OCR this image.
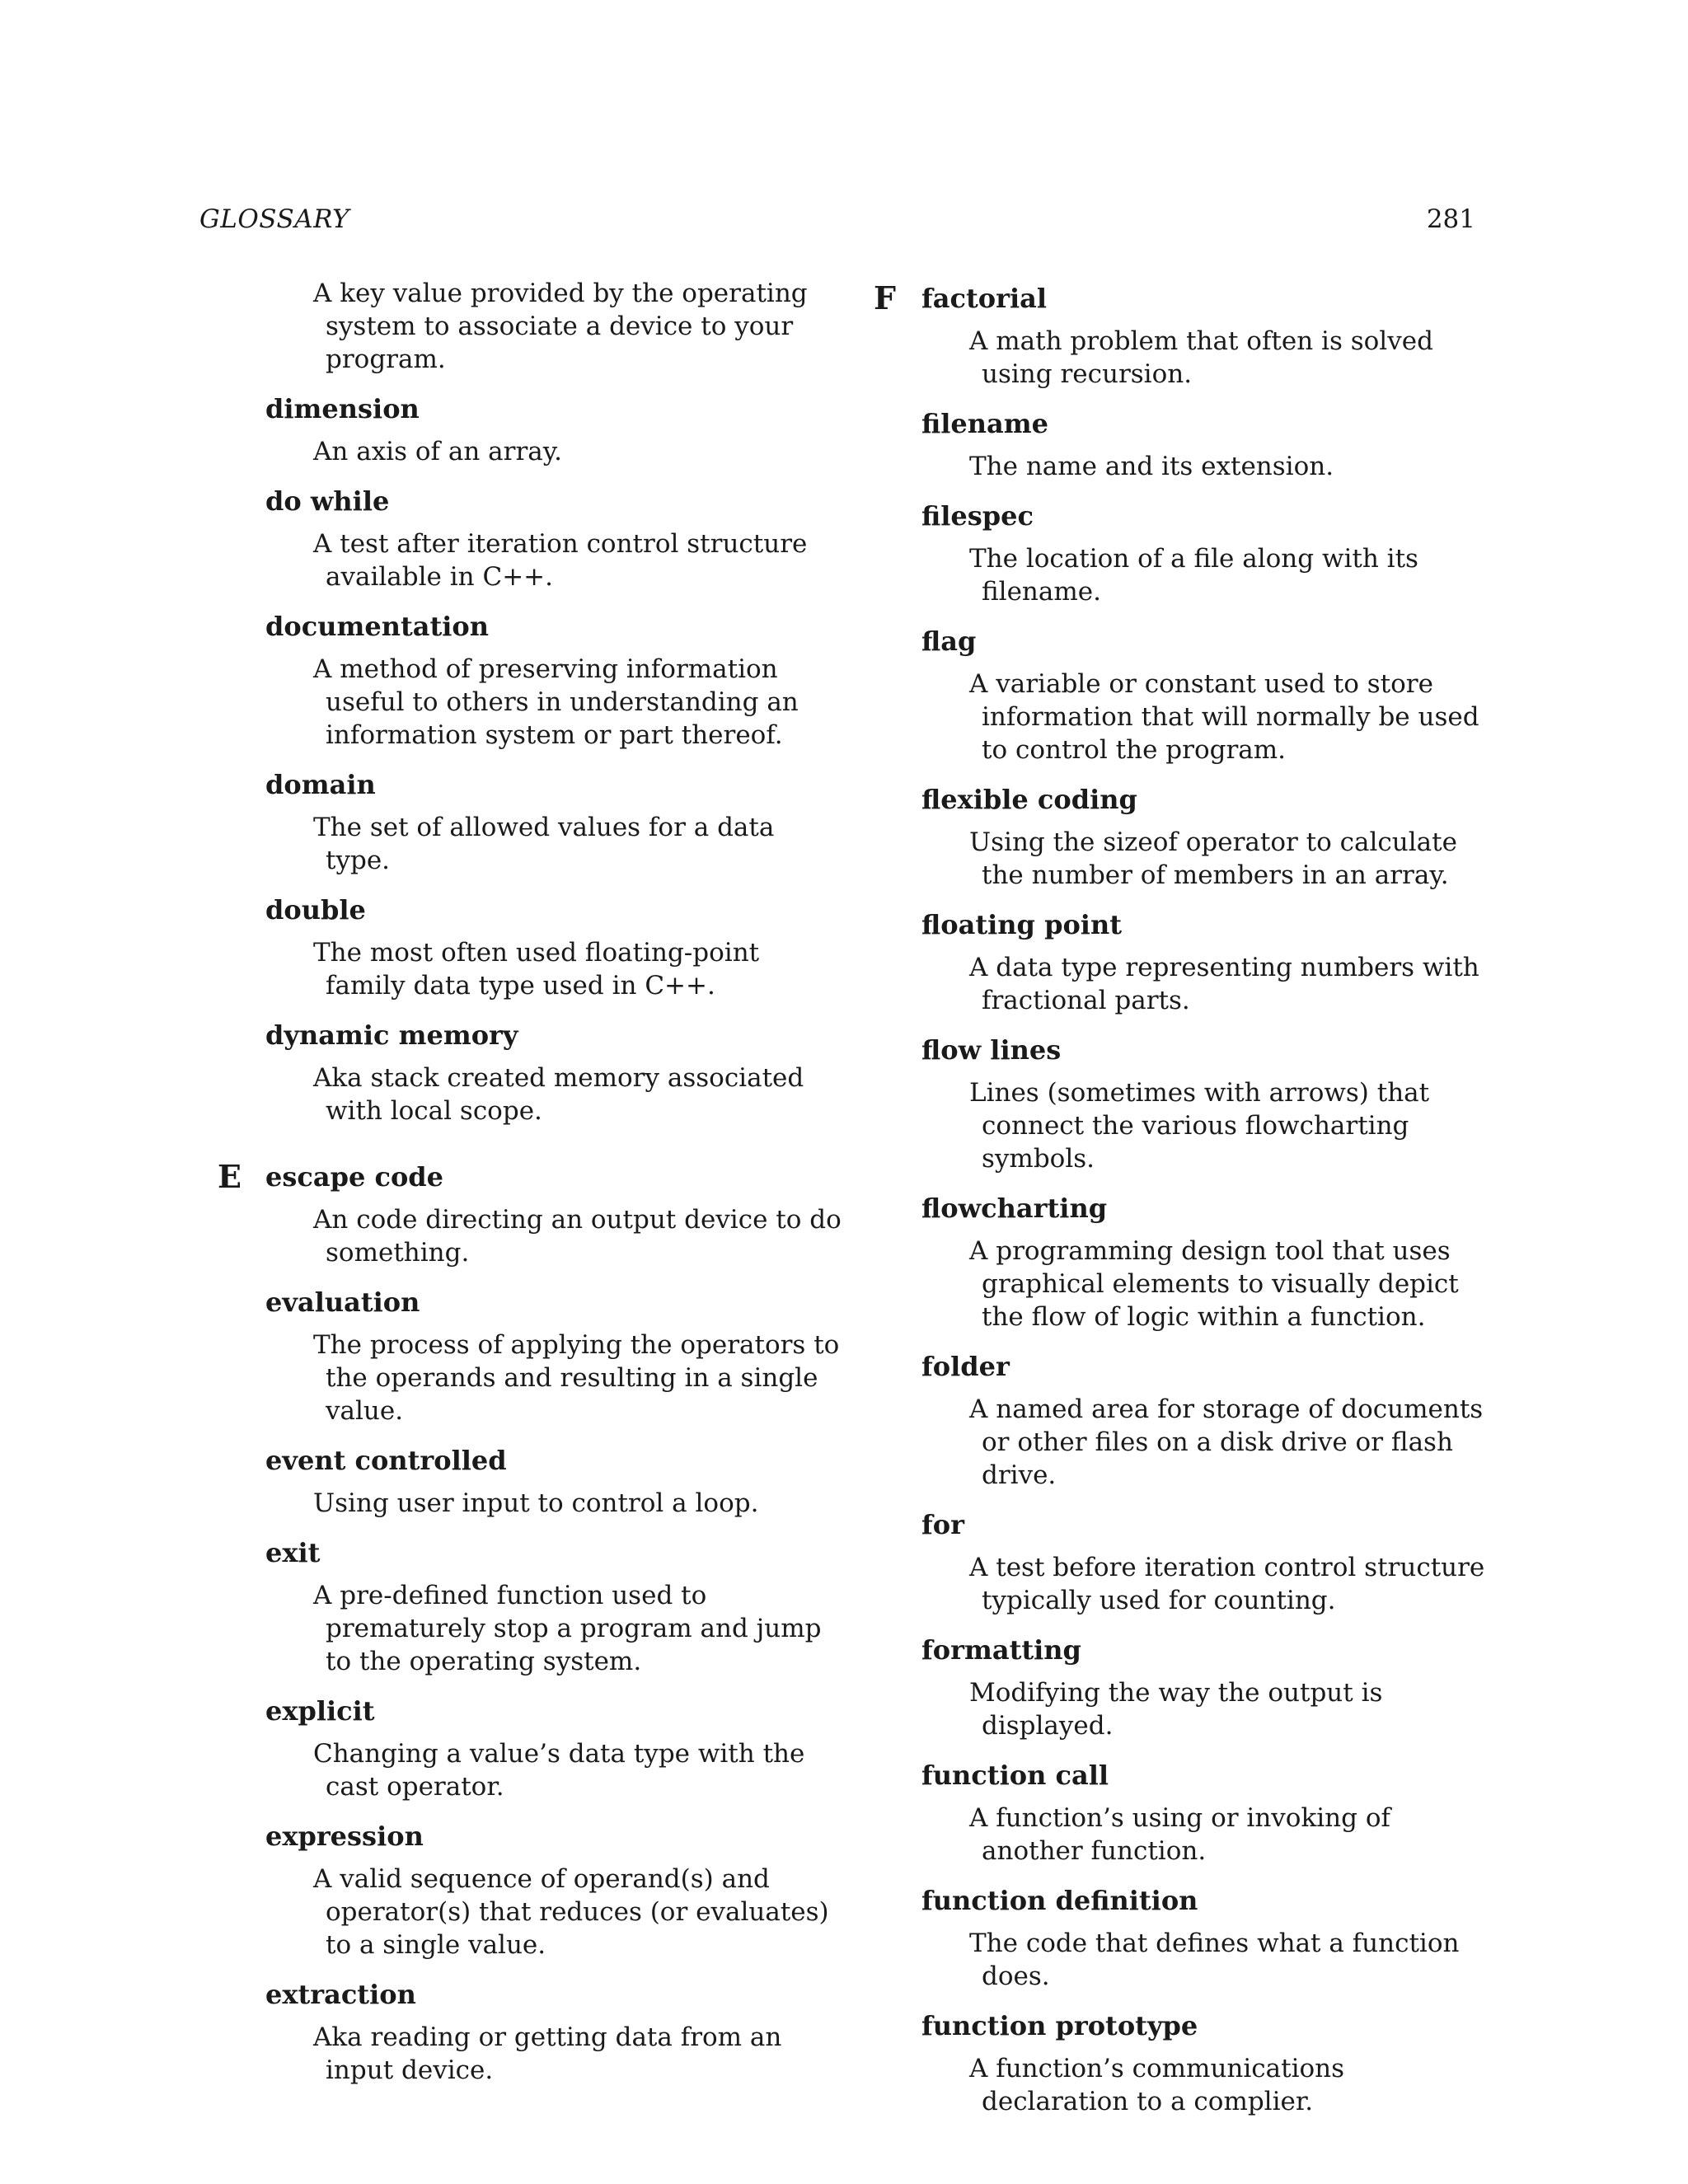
GLOSSARY	281

A key value provided by the operating system to associate a device to your program.

dimension

An axis of an array.

do while

A test after iteration control structure available in C++.

documentation

A method of preserving information useful to others in understanding an information system or part thereof.

domain

The set of allowed values for a data type.

double

The most often used floating-point family data type used in C++.

dynamic memory

Aka stack created memory associated with local scope.

E escape code

An code directing an output device to do something.

evaluation

The process of applying the operators to the operands and resulting in a single value.

event controlled

Using user input to control a loop.

exit

A pre-defined function used to prematurely stop a program and jump to the operating system.

explicit

Changing a value’s data type with the cast operator.

expression

A valid sequence of operand(s) and operator(s) that reduces (or evaluates) to a single value.

extraction

Aka reading or getting data from an input device.

F factorial

A math problem that often is solved using recursion.

filename

The name and its extension.

filespec

The location of a file along with its filename.

flag

A variable or constant used to store information that will normally be used to control the program.

flexible coding

Using the sizeof operator to calculate the number of members in an array.

floating point

A data type representing numbers with fractional parts.

flow lines

Lines (sometimes with arrows) that connect the various flowcharting symbols.

flowcharting

A programming design tool that uses graphical elements to visually depict the flow of logic within a function.

folder

A named area for storage of documents or other files on a disk drive or flash drive.

for

A test before iteration control structure typically used for counting.

formatting

Modifying the way the output is displayed.

function call

A function’s using or invoking of another function.

function definition

The code that defines what a function does.

function prototype

A function’s communications declaration to a complier.
